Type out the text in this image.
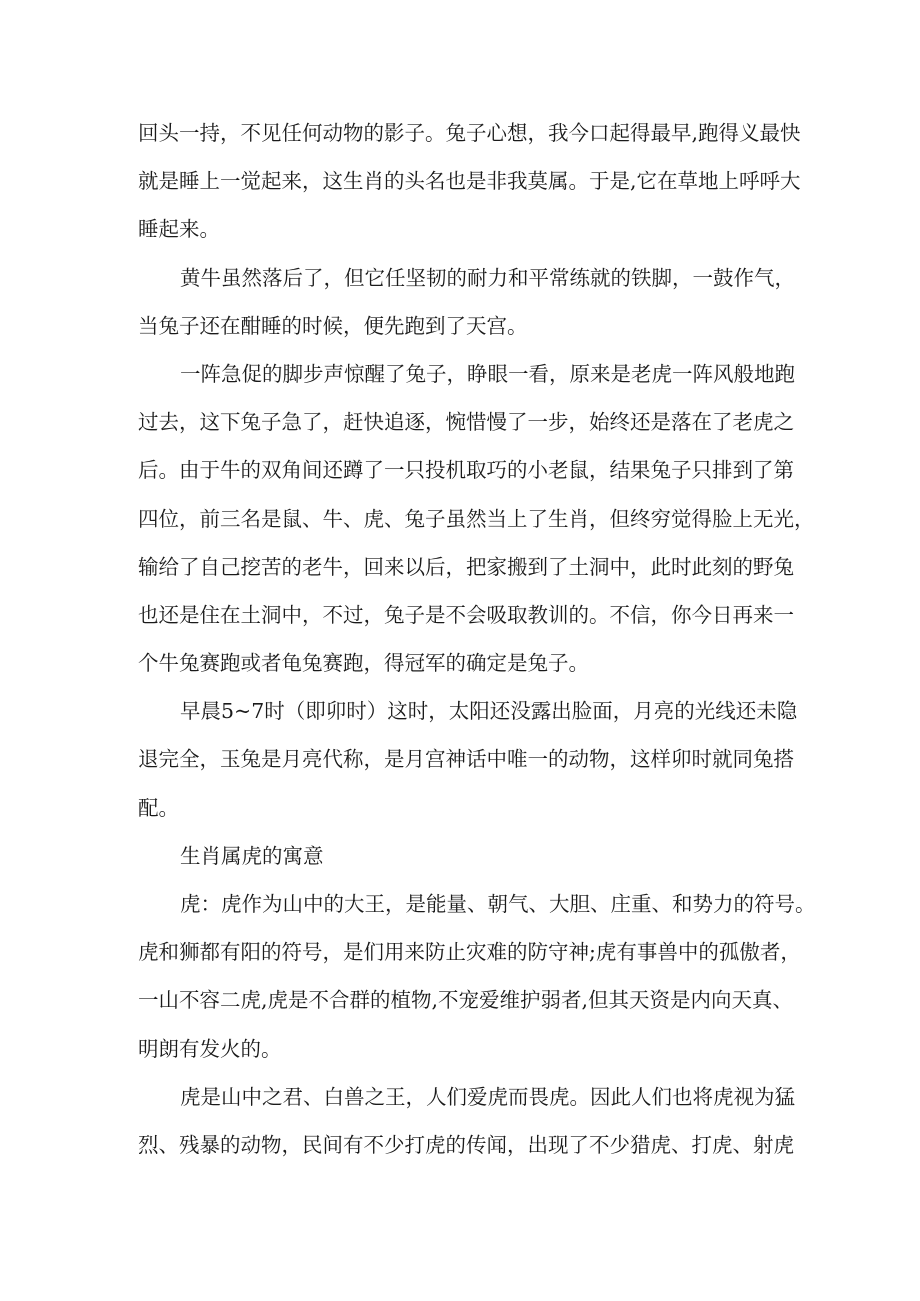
回头一持，不见任何动物的影子。兔子心想，我今口起得最早,跑得义最快
就是睡上一觉起来，这生肖的头名也是非我莫属。于是,它在草地上呼呼大
睡起来。
黄牛虽然落后了，但它任坚韧的耐力和平常练就的铁脚，一鼓作气，
当兔子还在酣睡的时候，便先跑到了天宫。
一阵急促的脚步声惊醒了兔子，睁眼一看，原来是老虎一阵风般地跑
过去，这下兔子急了，赶快追逐，惋惜慢了一步，始终还是落在了老虎之
后。由于牛的双角间还蹲了一只投机取巧的小老鼠，结果兔子只排到了第
四位，前三名是鼠、牛、虎、兔子虽然当上了生肖，但终穷觉得脸上无光，
输给了自己挖苦的老牛，回来以后，把家搬到了土洞中，此时此刻的野兔
也还是住在土洞中，不过，兔子是不会吸取教训的。不信，你今日再来一
个牛兔赛跑或者龟兔赛跑，得冠军的确定是兔子。
早晨5~7时（即卯时）这时，太阳还没露出脸面，月亮的光线还未隐
退完全，玉兔是月亮代称，是月宫神话中唯一的动物，这样卯时就同兔搭
配。
生肖属虎的寓意
虎：虎作为山中的大王，是能量、朝气、大胆、庄重、和势力的符号。
虎和狮都有阳的符号，是们用来防止灾难的防守神;虎有事兽中的孤傲者，
一山不容二虎,虎是不合群的植物,不宠爱维护弱者,但其天资是内向天真、
明朗有发火的。
虎是山中之君、白兽之王，人们爱虎而畏虎。因此人们也将虎视为猛
烈、残暴的动物，民间有不少打虎的传闻，出现了不少猎虎、打虎、射虎
